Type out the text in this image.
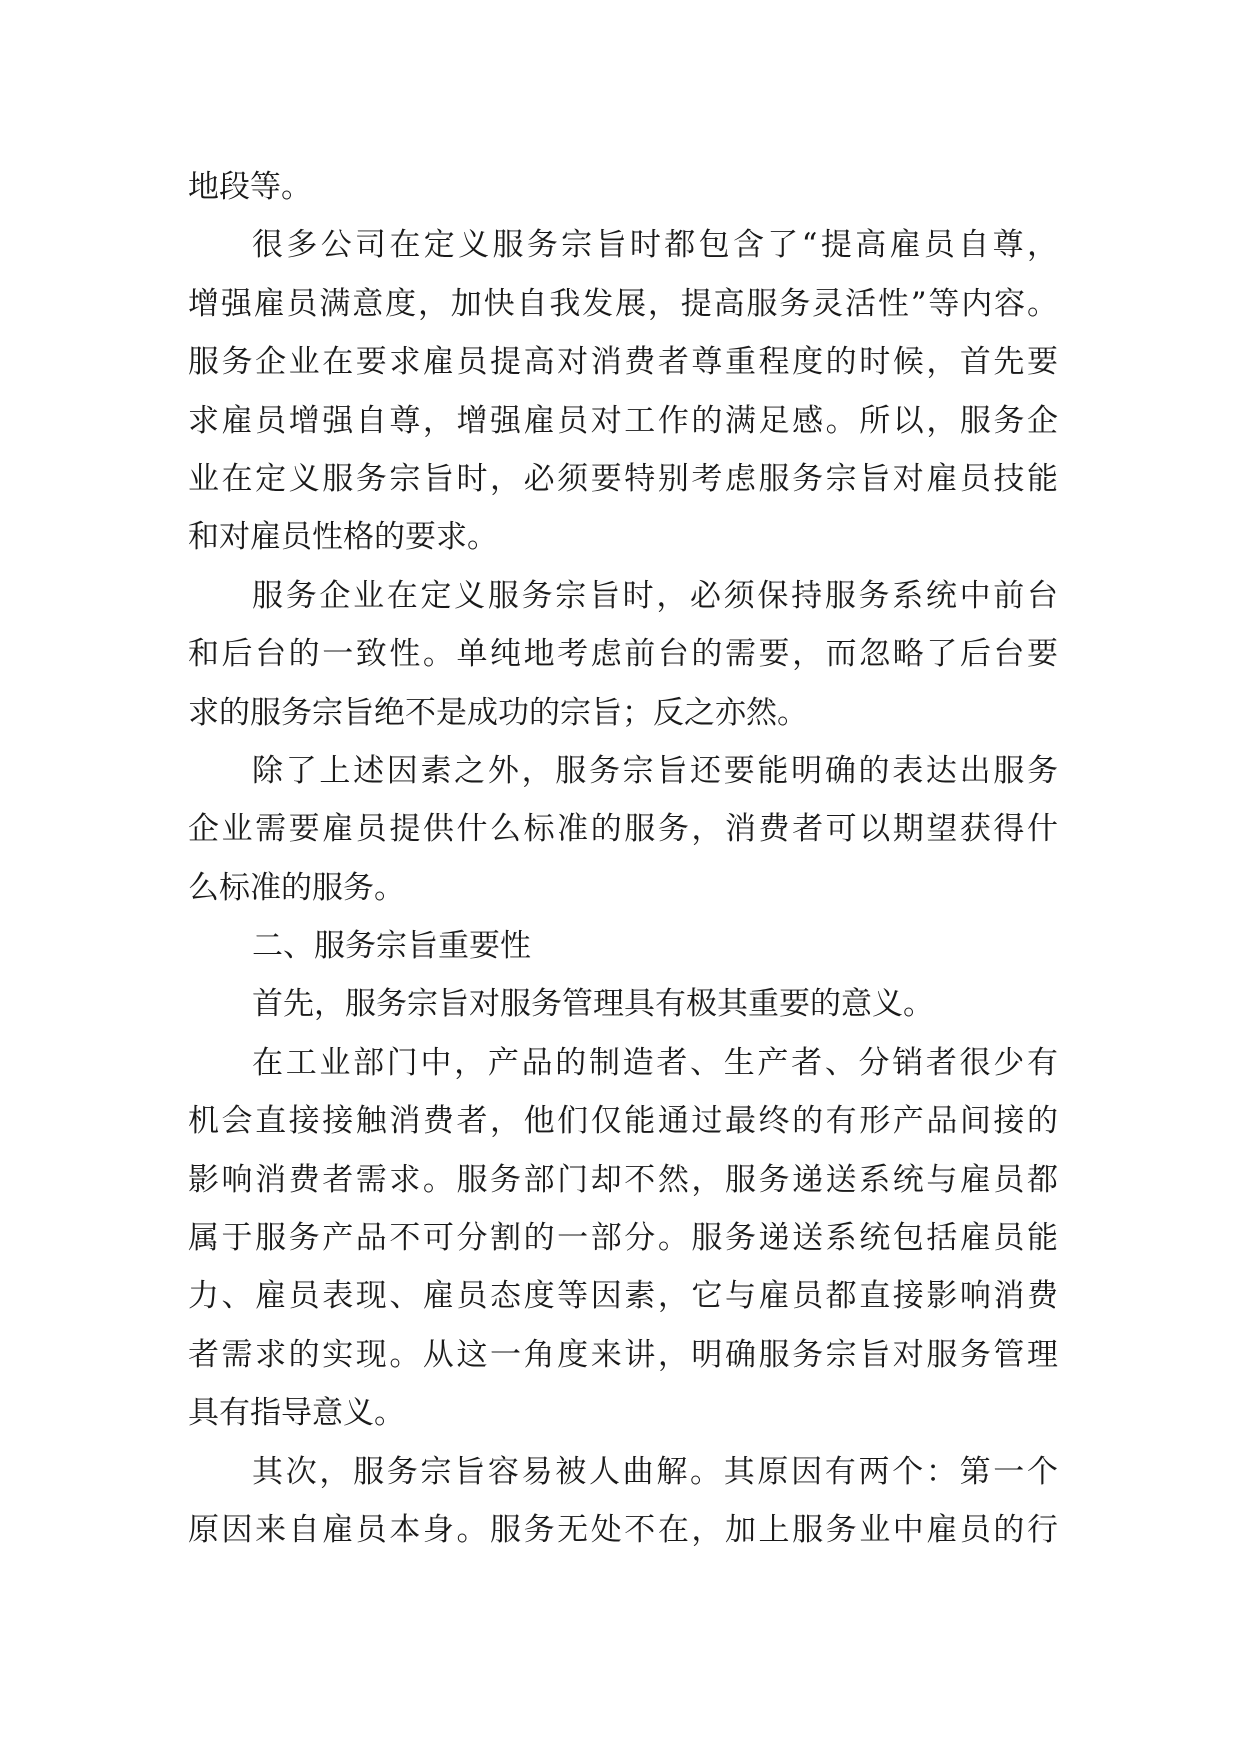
地段等。
很多公司在定义服务宗旨时都包含了“提高雇员自尊，
增强雇员满意度，加快自我发展，提高服务灵活性”等内容。
服务企业在要求雇员提高对消费者尊重程度的时候，首先要
求雇员增强自尊，增强雇员对工作的满足感。所以，服务企
业在定义服务宗旨时，必须要特别考虑服务宗旨对雇员技能
和对雇员性格的要求。
服务企业在定义服务宗旨时，必须保持服务系统中前台
和后台的一致性。单纯地考虑前台的需要，而忽略了后台要
求的服务宗旨绝不是成功的宗旨；反之亦然。
除了上述因素之外，服务宗旨还要能明确的表达出服务
企业需要雇员提供什么标准的服务，消费者可以期望获得什
么标准的服务。
二、服务宗旨重要性
首先，服务宗旨对服务管理具有极其重要的意义。
在工业部门中，产品的制造者、生产者、分销者很少有
机会直接接触消费者，他们仅能通过最终的有形产品间接的
影响消费者需求。服务部门却不然，服务递送系统与雇员都
属于服务产品不可分割的一部分。服务递送系统包括雇员能
力、雇员表现、雇员态度等因素，它与雇员都直接影响消费
者需求的实现。从这一角度来讲，明确服务宗旨对服务管理
具有指导意义。
其次，服务宗旨容易被人曲解。其原因有两个：第一个
原因来自雇员本身。服务无处不在，加上服务业中雇员的行
